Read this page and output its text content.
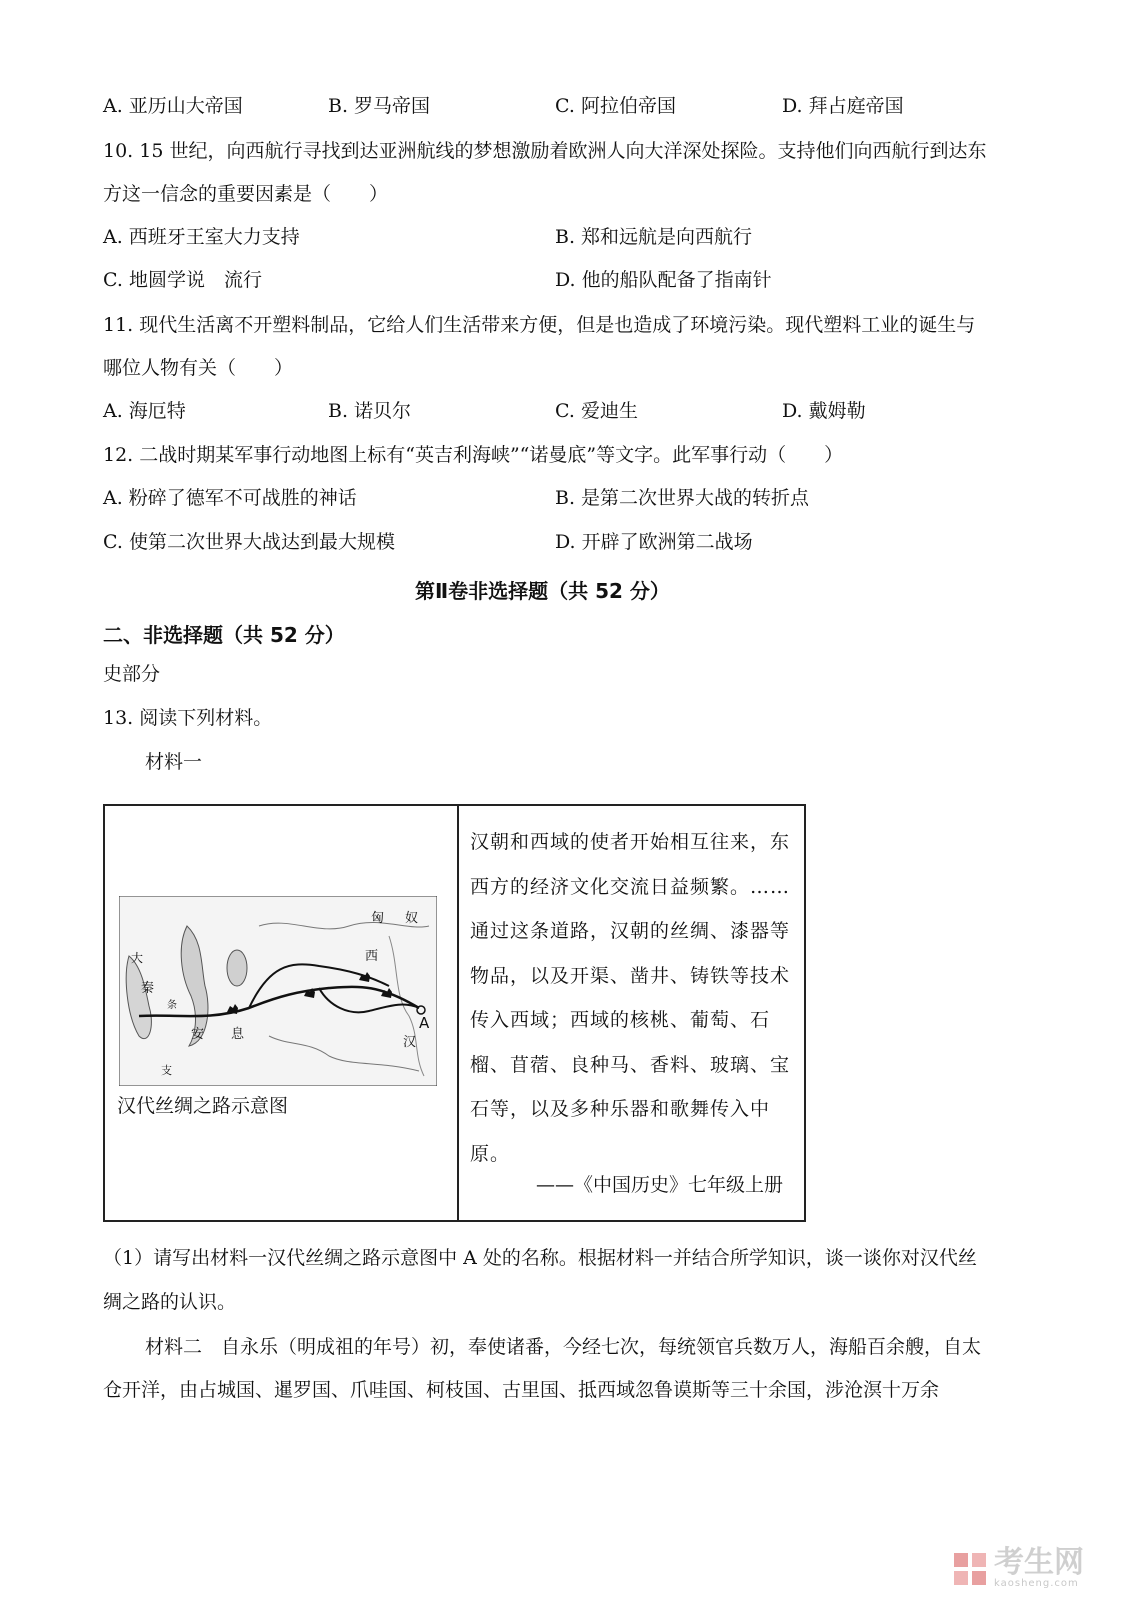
A. 亚历山大帝国	B. 罗马帝国	C. 阿拉伯帝国	D. 拜占庭帝国
10. 15 世纪，向西航行寻找到达亚洲航线的梦想激励着欧洲人向大洋深处探险。支持他们向西航行到达东
方这一信念的重要因素是（　　）
A. 西班牙王室大力支持	B. 郑和远航是向西航行
C. 地圆学说　流行	D. 他的船队配备了指南针
11. 现代生活离不开塑料制品，它给人们生活带来方便，但是也造成了环境污染。现代塑料工业的诞生与
哪位人物有关（　　）
A. 海厄特	B. 诺贝尔	C. 爱迪生	D. 戴姆勒
12. 二战时期某军事行动地图上标有“英吉利海峡”“诺曼底”等文字。此军事行动（　　）
A. 粉碎了德军不可战胜的神话	B. 是第二次世界大战的转折点
C. 使第二次世界大战达到最大规模	D. 开辟了欧洲第二战场
第Ⅱ卷非选择题（共 52 分）
二、非选择题（共 52 分）
史部分
13. 阅读下列材料。
材料一
匈 奴
西
大
秦
条
安 息
支
汉
A
汉代丝绸之路示意图
汉朝和西域的使者开始相互往来，东
西方的经济文化交流日益频繁。……
通过这条道路，汉朝的丝绸、漆器等
物品，以及开渠、凿井、铸铁等技术
传入西域；西域的核桃、葡萄、石
榴、苜蓿、良种马、香料、玻璃、宝
石等，以及多种乐器和歌舞传入中
原。
——《中国历史》七年级上册
（1）请写出材料一汉代丝绸之路示意图中 A 处的名称。根据材料一并结合所学知识，谈一谈你对汉代丝
绸之路的认识。
材料二　自永乐（明成祖的年号）初，奉使诸番，今经七次，每统领官兵数万人，海船百余艘，自太
仓开洋，由占城国、暹罗国、爪哇国、柯枝国、古里国、抵西域忽鲁谟斯等三十余国，涉沧溟十万余
考生网
kaosheng.com
